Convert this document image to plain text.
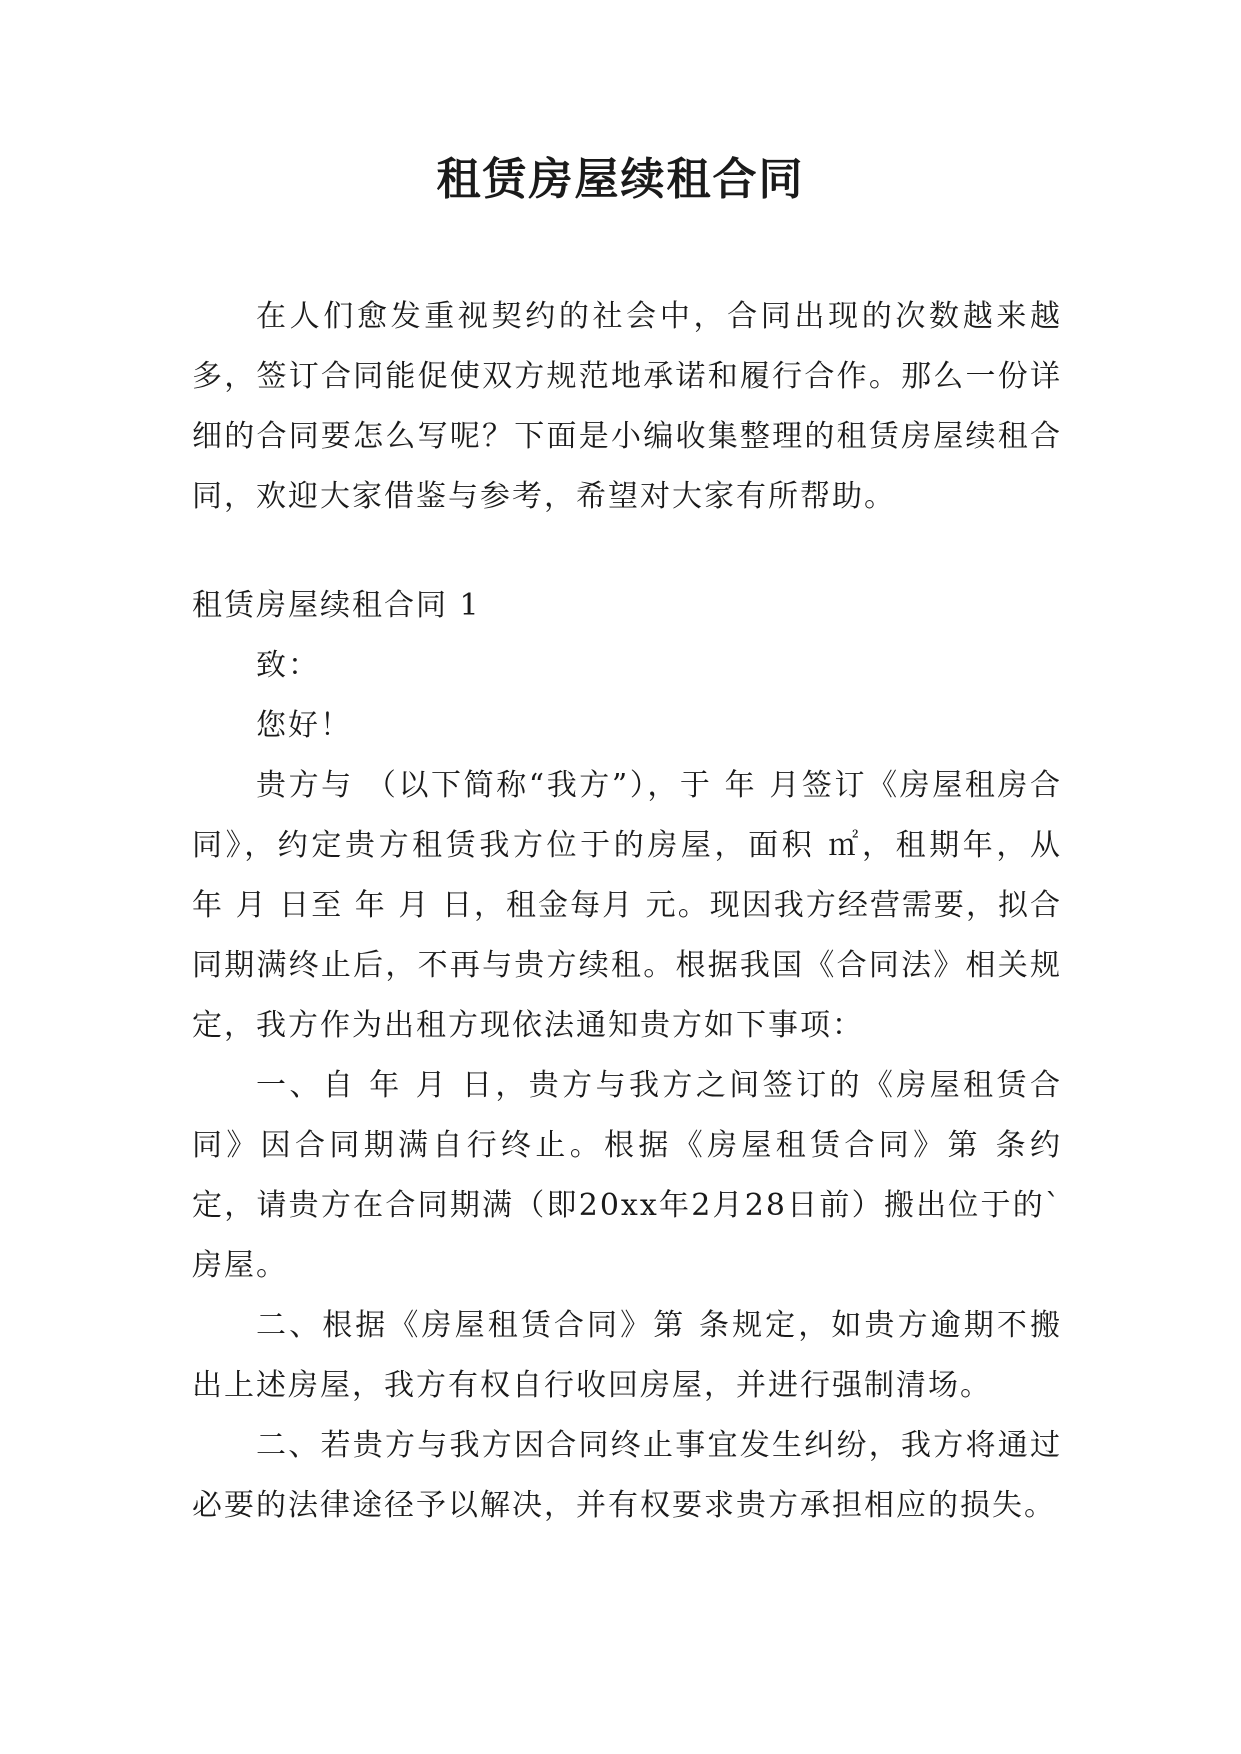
租赁房屋续租合同

在人们愈发重视契约的社会中，合同出现的次数越来越多，签订合同能促使双方规范地承诺和履行合作。那么一份详细的合同要怎么写呢？下面是小编收集整理的租赁房屋续租合同，欢迎大家借鉴与参考，希望对大家有所帮助。

租赁房屋续租合同 1

致：

您好！

贵方与 （以下简称“我方”），于 年 月签订《房屋租房合同》，约定贵方租赁我方位于的房屋，面积 ㎡，租期年，从 年 月 日至 年 月 日，租金每月 元。现因我方经营需要，拟合同期满终止后，不再与贵方续租。根据我国《合同法》相关规定，我方作为出租方现依法通知贵方如下事项：

一、自 年 月 日，贵方与我方之间签订的《房屋租赁合同》因合同期满自行终止。根据《房屋租赁合同》第 条约定，请贵方在合同期满（即20xx年2月28日前）搬出位于的`房屋。

二、根据《房屋租赁合同》第 条规定，如贵方逾期不搬出上述房屋，我方有权自行收回房屋，并进行强制清场。

二、若贵方与我方因合同终止事宜发生纠纷，我方将通过必要的法律途径予以解决，并有权要求贵方承担相应的损失。
